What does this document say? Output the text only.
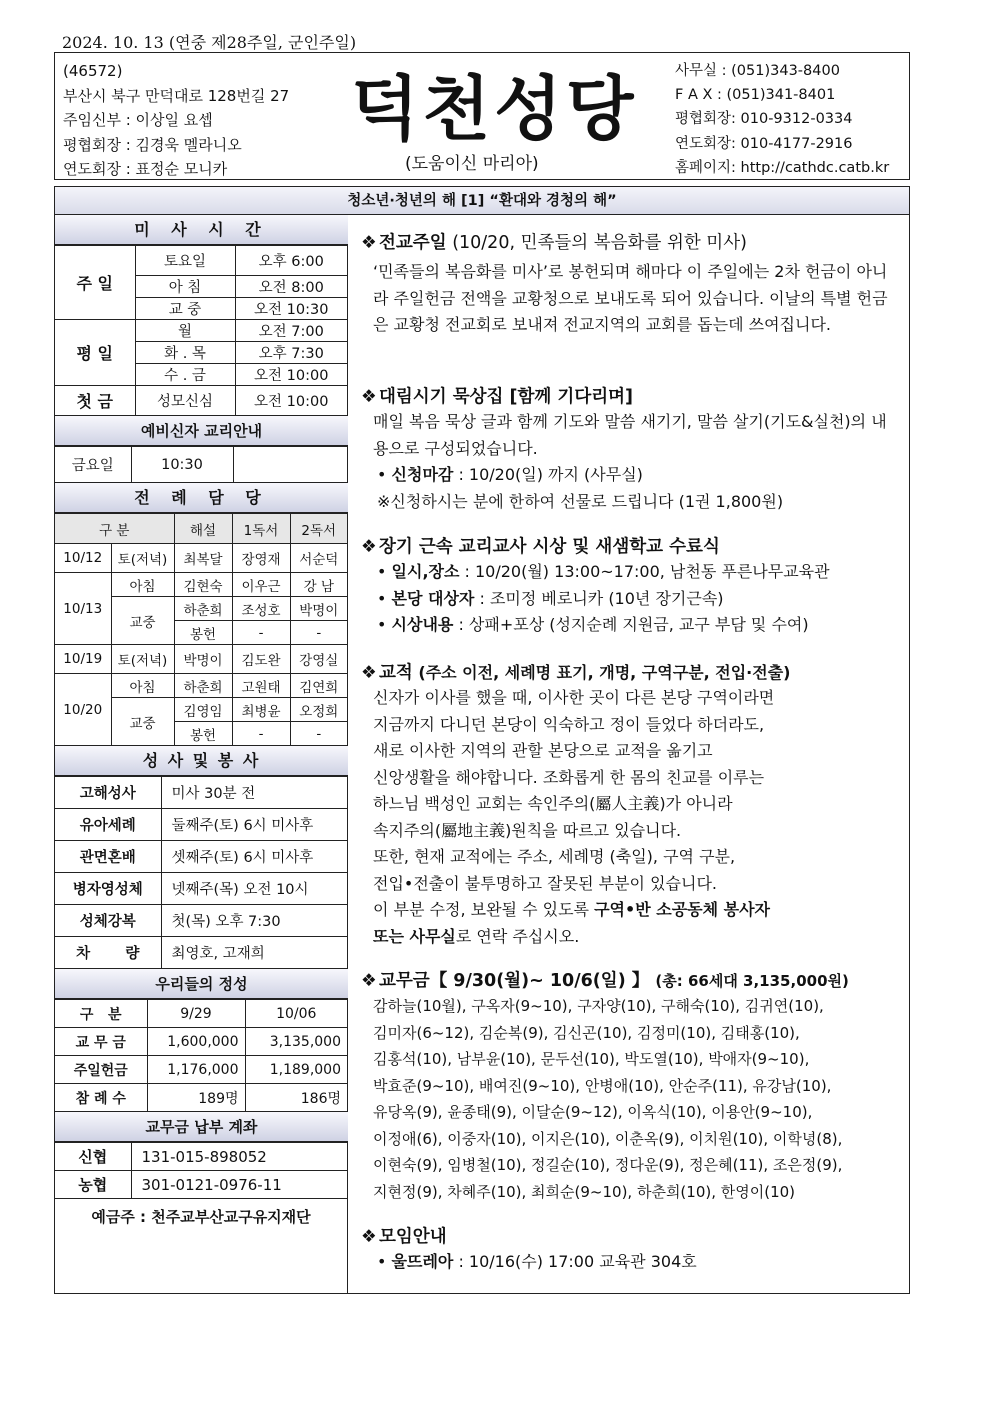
2024. 10. 13 (연중 제28주일, 군인주일)
(46572)
부산시 북구 만덕대로 128번길 27
주임신부 : 이상일 요셉
평협회장 : 김경욱 멜라니오
연도회장 : 표정순 모니카
덕천성당
(도움이신 마리아)
사무실 : (051)343-8400
F A X : (051)341-8401
평협회장: 010-9312-0334
연도회장: 010-4177-2916
홈페이지: http://cathdc.catb.kr
청소년·청년의 해 [1] “환대와 경청의 해”
미 사 시 간
주 일	토요일	오후 6:00
	아 침	오전 8:00
	교 중	오전 10:30
평 일	월	오전 7:00
	화 . 목	오후 7:30
	수 . 금	오전 10:00
첫 금	성모신심	오전 10:00
예비신자 교리안내
금요일	10:30	
전 례 담 당
구 분		해설	1독서	2독서
10/12	토(저녁)	최복달	장영재	서순덕
10/13	아침	김현숙	이우근	강 남
	교중	하춘희	조성호	박명이
		봉헌	-	-
10/19	토(저녁)	박명이	김도완	강영실
10/20	아침	하춘희	고원태	김연희
	교중	김영임	최병윤	오정희
		봉헌	-	-
성 사 및 봉 사
고해성사	미사 30분 전
유아세례	둘째주(토) 6시 미사후
관면혼배	셋째주(토) 6시 미사후
병자영성체	넷째주(목) 오전 10시
성체강복	첫(목) 오후 7:30
차       량	최영호, 고재희
우리들의 정성
구   분	9/29	10/06
교 무 금	1,600,000	3,135,000
주일헌금	1,176,000	1,189,000
참 례 수	189명	186명
교무금 납부 계좌
신협	131-015-898052
농협	301-0121-0976-11
예금주 : 천주교부산교구유지재단	
❖ 전교주일 (10/20, 민족들의 복음화를 위한 미사)

‘민족들의 복음화를 미사’로 봉헌되며 해마다 이 주일에는 2차 헌금이 아니라 주일헌금 전액을 교황청으로 보내도록 되어 있습니다. 이날의 특별 헌금은 교황청 전교회로 보내져 전교지역의 교회를 돕는데 쓰여집니다.

❖ 대림시기 묵상집 [함께 기다리며]

매일 복음 묵상 글과 함께 기도와 말씀 새기기, 말씀 살기(기도&실천)의 내용으로 구성되었습니다.

• 신청마감 : 10/20(일) 까지 (사무실)

※신청하시는 분에 한하여 선물로 드립니다 (1권 1,800원)

❖ 장기 근속 교리교사 시상 및 새샘학교 수료식

• 일시,장소 : 10/20(월) 13:00~17:00, 남천동 푸른나무교육관

• 본당 대상자 : 조미정 베로니카 (10년 장기근속)

• 시상내용 : 상패+포상 (성지순례 지원금, 교구 부담 및 수여)

❖ 교적 (주소 이전, 세례명 표기, 개명, 구역구분, 전입·전출)

신자가 이사를 했을 때, 이사한 곳이 다른 본당 구역이라면

지금까지 다니던 본당이 익숙하고 정이 들었다 하더라도,

새로 이사한 지역의 관할 본당으로 교적을 옮기고

신앙생활을 해야합니다. 조화롭게 한 몸의 친교를 이루는

하느님 백성인 교회는 속인주의(屬人主義)가 아니라

속지주의(屬地主義)원칙을 따르고 있습니다.

또한, 현재 교적에는 주소, 세례명 (축일), 구역 구분,

전입•전출이 불투명하고 잘못된 부분이 있습니다.

이 부분 수정, 보완될 수 있도록 구역•반 소공동체 봉사자

또는 사무실로 연락 주십시오.

❖ 교무금【 9/30(월)~ 10/6(일) 】 (총: 66세대 3,135,000원)

감하늘(10월), 구옥자(9~10), 구자양(10), 구해숙(10), 김귀연(10),

김미자(6~12), 김순복(9), 김신곤(10), 김정미(10), 김태홍(10),

김홍석(10), 남부윤(10), 문두선(10), 박도열(10), 박애자(9~10),

박효준(9~10), 배여진(9~10), 안병애(10), 안순주(11), 유강남(10),

유당옥(9), 윤종태(9), 이달순(9~12), 이옥식(10), 이용안(9~10),

이정애(6), 이중자(10), 이지은(10), 이춘옥(9), 이치원(10), 이학녕(8),

이현숙(9), 임병철(10), 정길순(10), 정다운(9), 정은혜(11), 조은정(9),

지현정(9), 차혜주(10), 최희순(9~10), 하춘희(10), 한영이(10)

❖ 모임안내

• 울뜨레아 : 10/16(수) 17:00 교육관 304호
